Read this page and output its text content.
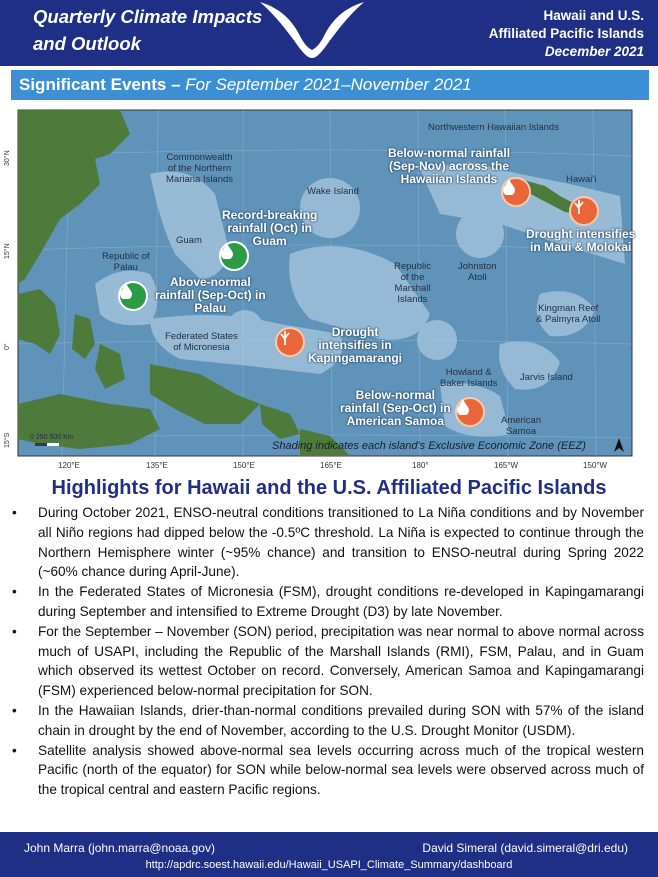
Quarterly Climate Impacts
and Outlook
Hawaii and U.S.
Affiliated Pacific Islands
December 2021
Significant Events – For September 2021–November 2021
30°N
15°N
0°
15°S
120°E	135°E	150°E	165°E	180°	165°W	150°W
Northwestern Hawaiian Islands
Commonwealth
of the Northern
Mariana Islands
Wake Island
Hawai'i
Guam
Republic of
Palau	Republic
of the
Marshall
Islands
Johnston
Atoll
Kingman Reef
& Palmyra Atoll
Federated States
of Micronesia
Howland &
Baker Islands
Jarvis Island
American
Samoa
Below-normal rainfall
(Sep-Nov) across the
Hawaiian Islands
Record-breaking
rainfall (Oct) in
Guam	Drought intensifies
in Maui & Molokai
Above-normal
rainfall (Sep-Oct) in
Palau
Drought
intensifies in
Kapingamarangi
Below-normal
rainfall (Sep-Oct) in
American Samoa
0 250 500 Km
Shading indicates each island's Exclusive Economic Zone (EEZ)
Highlights for Hawaii and the U.S. Affiliated Pacific Islands
• During October 2021, ENSO-neutral conditions transitioned to La Niña conditions and by November all Niño regions had dipped below the -0.5ºC threshold. La Niña is expected to continue through the Northern Hemisphere winter (~95% chance) and transition to ENSO-neutral during Spring 2022 (~60% chance during April-June).
• In the Federated States of Micronesia (FSM), drought conditions re-developed in Kapingamarangi during September and intensified to Extreme Drought (D3) by late November.
• For the September – November (SON) period, precipitation was near normal to above normal across much of USAPI, including the Republic of the Marshall Islands (RMI), FSM, Palau, and in Guam which observed its wettest October on record. Conversely, American Samoa and Kapingamarangi (FSM) experienced below-normal precipitation for SON.
• In the Hawaiian Islands, drier-than-normal conditions prevailed during SON with 57% of the island chain in drought by the end of November, according to the U.S. Drought Monitor (USDM).
• Satellite analysis showed above-normal sea levels occurring across much of the tropical western Pacific (north of the equator) for SON while below-normal sea levels were observed across much of the tropical central and eastern Pacific regions.
John Marra (john.marra@noaa.gov)	David Simeral (david.simeral@dri.edu)
http://apdrc.soest.hawaii.edu/Hawaii_USAPI_Climate_Summary/dashboard
